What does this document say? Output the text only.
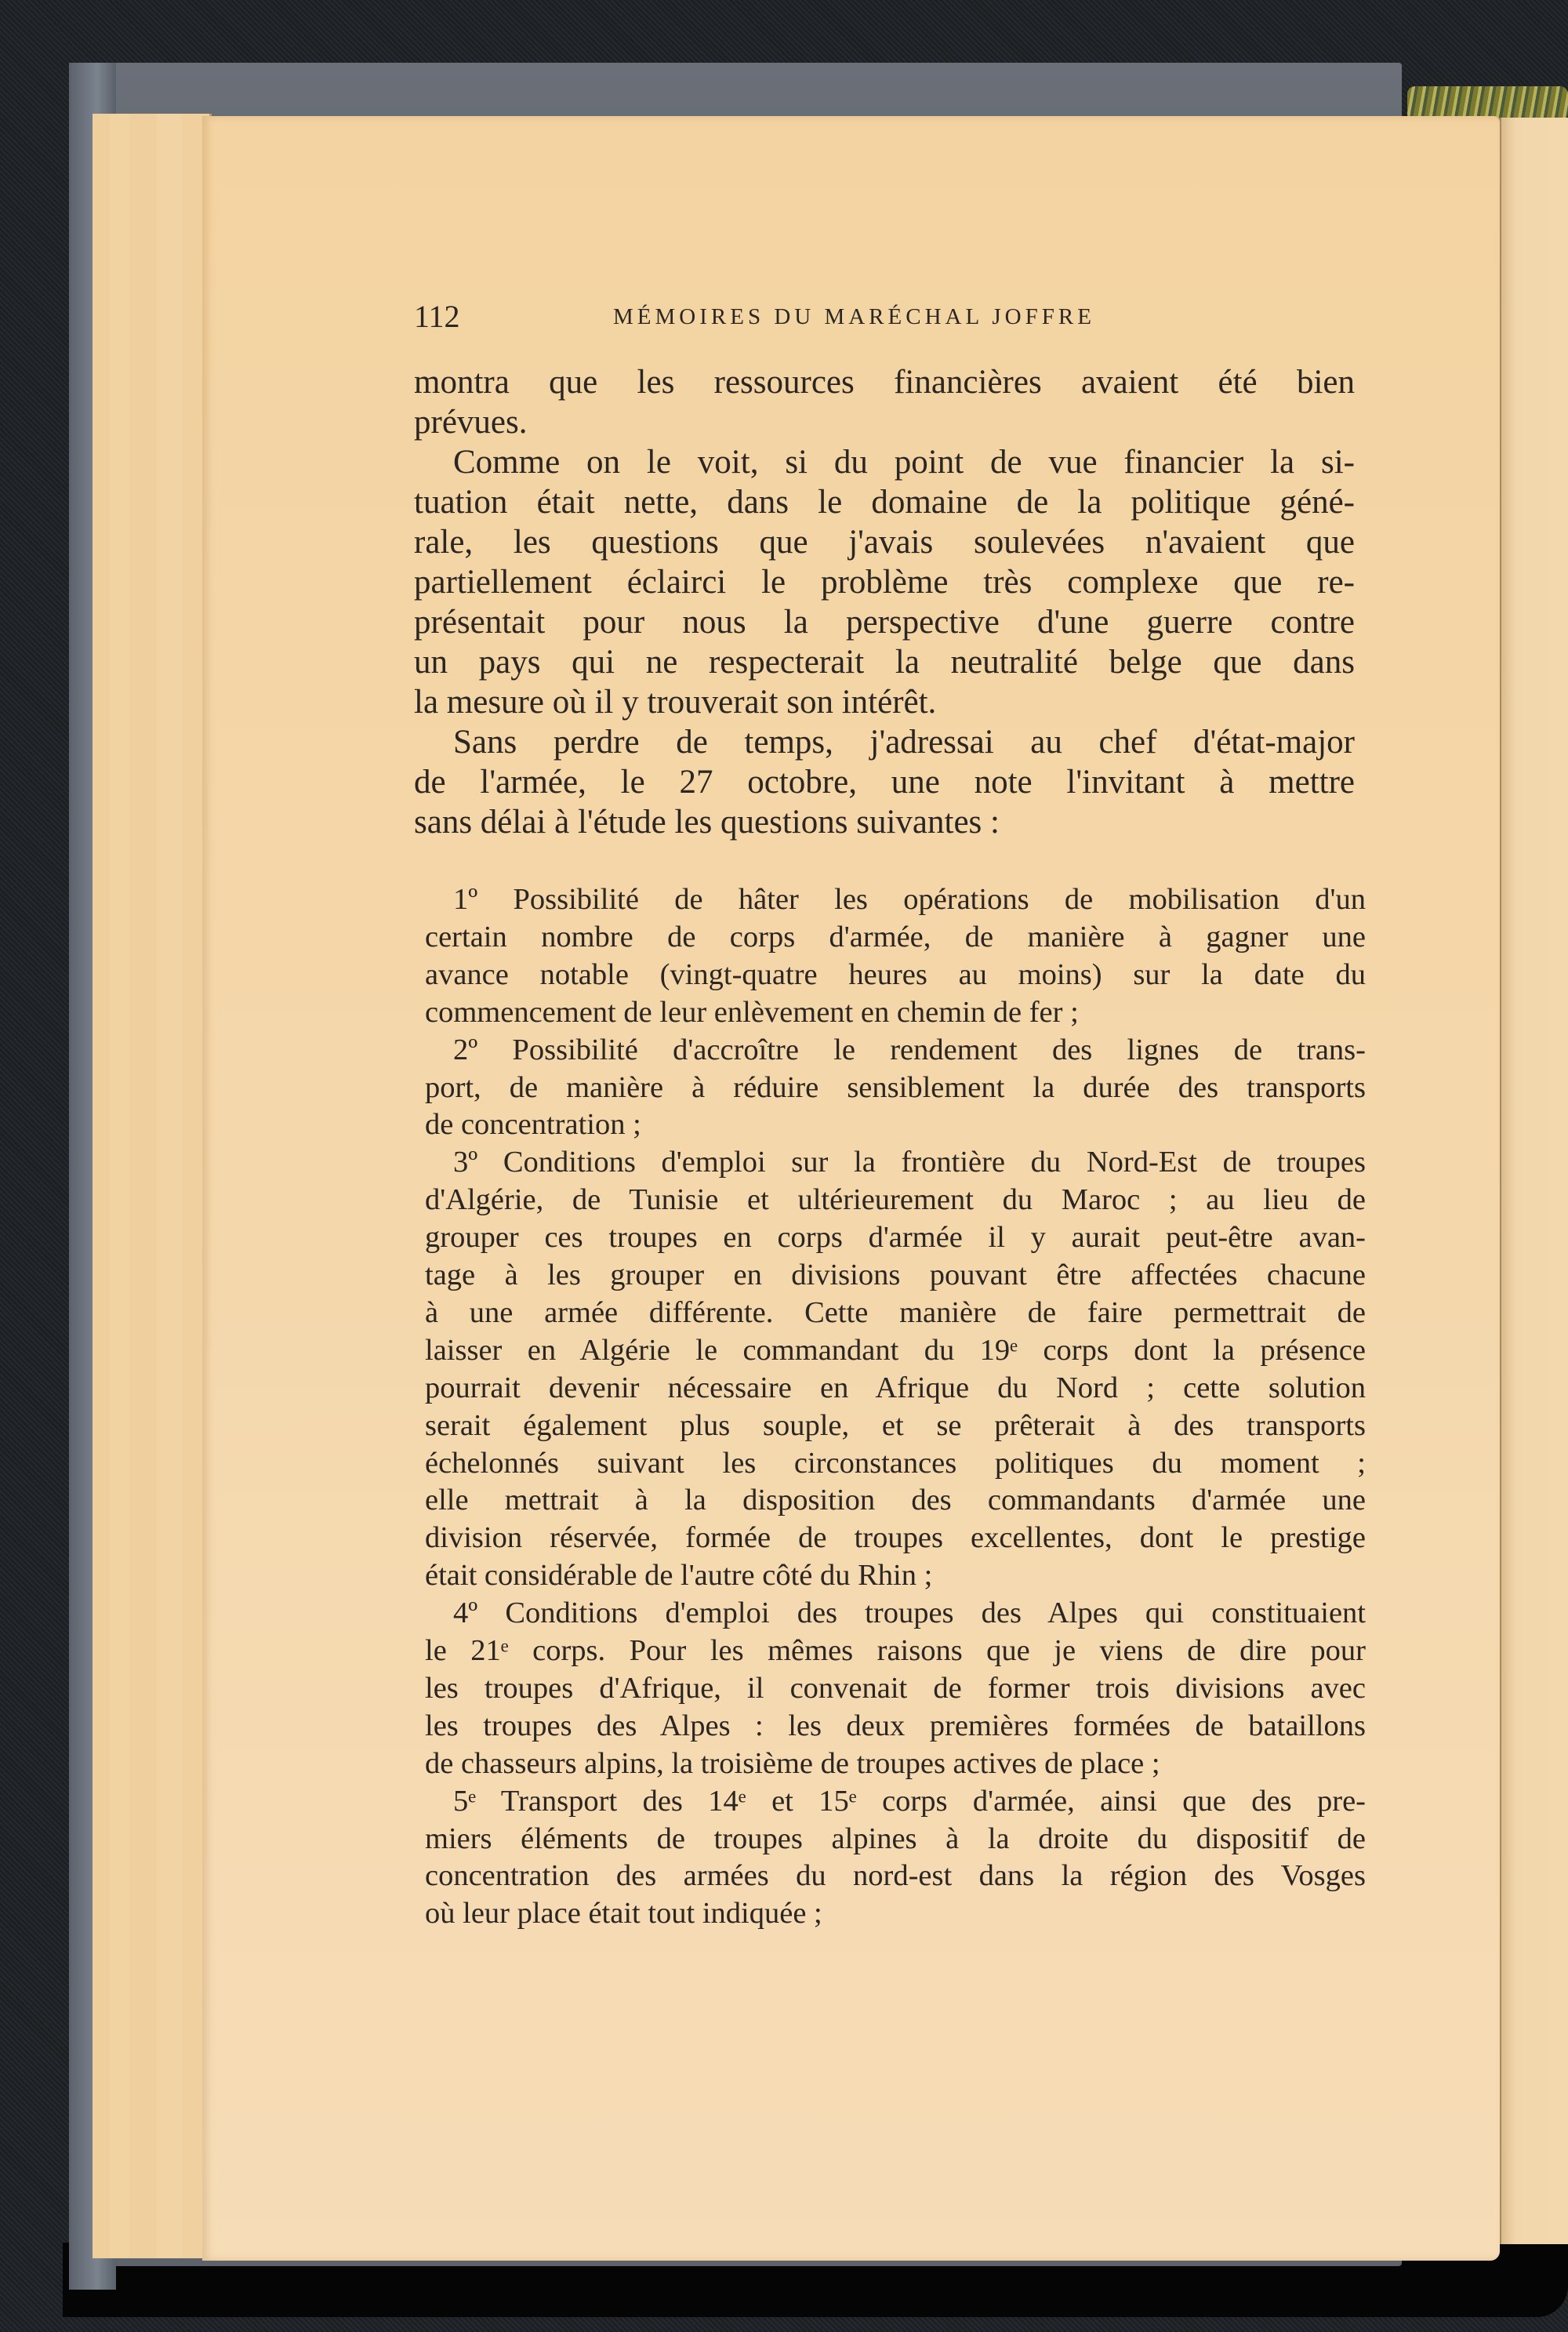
112	MÉMOIRES DU MARÉCHAL JOFFRE
montra que les ressources financières avaient été bien
prévues.
Comme on le voit, si du point de vue financier la si-
tuation était nette, dans le domaine de la politique géné-
rale, les questions que j'avais soulevées n'avaient que
partiellement éclairci le problème très complexe que re-
présentait pour nous la perspective d'une guerre contre
un pays qui ne respecterait la neutralité belge que dans
la mesure où il y trouverait son intérêt.
Sans perdre de temps, j'adressai au chef d'état-major
de l'armée, le 27 octobre, une note l'invitant à mettre
sans délai à l'étude les questions suivantes :
1º Possibilité de hâter les opérations de mobilisation d'un
certain nombre de corps d'armée, de manière à gagner une
avance notable (vingt-quatre heures au moins) sur la date du
commencement de leur enlèvement en chemin de fer ;
2º Possibilité d'accroître le rendement des lignes de trans-
port, de manière à réduire sensiblement la durée des transports
de concentration ;
3º Conditions d'emploi sur la frontière du Nord-Est de troupes
d'Algérie, de Tunisie et ultérieurement du Maroc ; au lieu de
grouper ces troupes en corps d'armée il y aurait peut-être avan-
tage à les grouper en divisions pouvant être affectées chacune
à une armée différente. Cette manière de faire permettrait de
laisser en Algérie le commandant du 19ᵉ corps dont la présence
pourrait devenir nécessaire en Afrique du Nord ; cette solution
serait également plus souple, et se prêterait à des transports
échelonnés suivant les circonstances politiques du moment ;
elle mettrait à la disposition des commandants d'armée une
division réservée, formée de troupes excellentes, dont le prestige
était considérable de l'autre côté du Rhin ;
4º Conditions d'emploi des troupes des Alpes qui constituaient
le 21ᵉ corps. Pour les mêmes raisons que je viens de dire pour
les troupes d'Afrique, il convenait de former trois divisions avec
les troupes des Alpes : les deux premières formées de bataillons
de chasseurs alpins, la troisième de troupes actives de place ;
5ᵉ Transport des 14ᵉ et 15ᵉ corps d'armée, ainsi que des pre-
miers éléments de troupes alpines à la droite du dispositif de
concentration des armées du nord-est dans la région des Vosges
où leur place était tout indiquée ;
